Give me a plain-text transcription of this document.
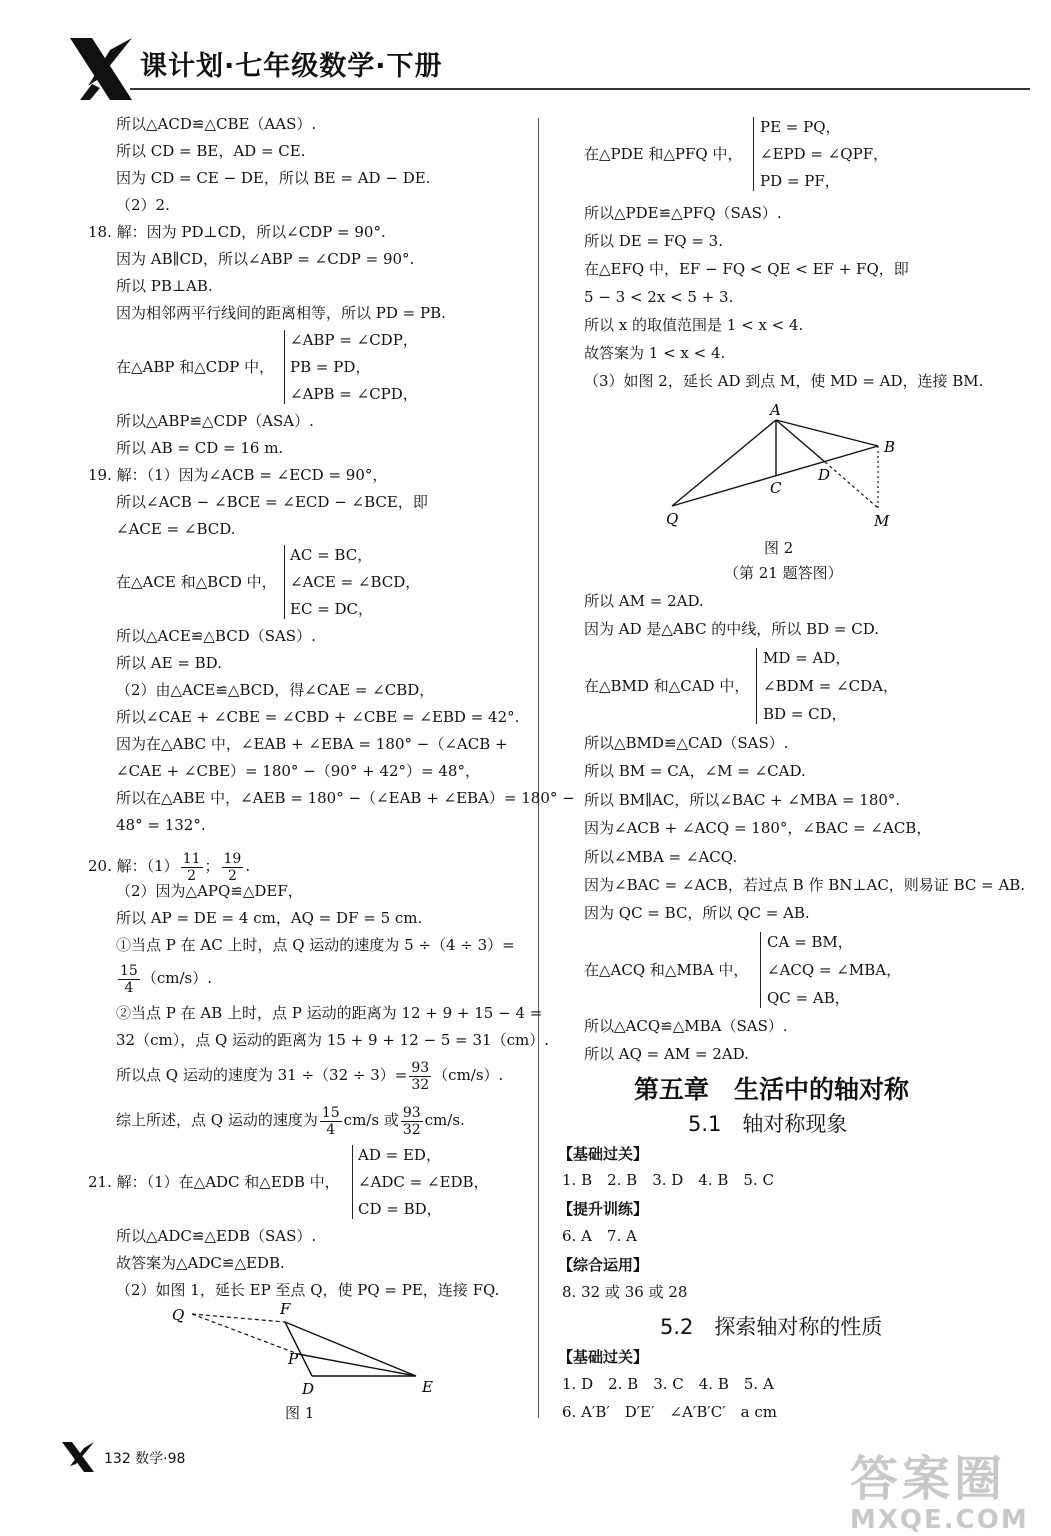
课计划·七年级数学·下册
所以△ACD≌△CBE（AAS）.
所以 CD = BE，AD = CE.
因为 CD = CE − DE，所以 BE = AD − DE.
（2）2.
18. 解：因为 PD⊥CD，所以∠CDP = 90°.
因为 AB∥CD，所以∠ABP = ∠CDP = 90°.
所以 PB⊥AB.
因为相邻两平行线间的距离相等，所以 PD = PB.
在△ABP 和△CDP 中，
∠ABP = ∠CDP，
PB = PD，
∠APB = ∠CPD，
所以△ABP≌△CDP（ASA）.
所以 AB = CD = 16 m.
19. 解：（1）因为∠ACB = ∠ECD = 90°，
所以∠ACB − ∠BCE = ∠ECD − ∠BCE，即
∠ACE = ∠BCD.
在△ACE 和△BCD 中，
AC = BC，
∠ACE = ∠BCD，
EC = DC，
所以△ACE≌△BCD（SAS）.
所以 AE = BD.
（2）由△ACE≌△BCD，得∠CAE = ∠CBD，
所以∠CAE + ∠CBE = ∠CBD + ∠CBE = ∠EBD = 42°.
因为在△ABC 中，∠EAB + ∠EBA = 180° −（∠ACB +
∠CAE + ∠CBE）= 180° −（90° + 42°）= 48°，
所以在△ABE 中，∠AEB = 180° −（∠EAB + ∠EBA）= 180° −
48° = 132°.
20. 解：$(1) \frac{11}{2}$ ； $\frac{19}{2}$ .
（2）因为△APQ≌△DEF，
所以 AP = DE = 4 cm，AQ = DF = 5 cm.
①当点 P 在 AC 上时，点 Q 运动的速度为 5 ÷（4 ÷ 3）=
$\frac{15}{4} (cm/s)$.
②当点 P 在 AB 上时，点 P 运动的距离为 12 + 9 + 15 − 4 =
32（cm），点 Q 运动的距离为 15 + 9 + 12 − 5 = 31（cm）.
所以点 Q 运动的速度为 $31 \div(32 \div 3)= \frac{93}{32} (cm/s)$.
综上所述，点 Q 运动的速度为 $\frac{15}{4} cm/s$ 或 $\frac{93}{32} cm/s$.
21. 解：（1）在△ADC 和△EDB 中，
AD = ED，
∠ADC = ∠EDB，
CD = BD，
所以△ADC≌△EDB（SAS）.
故答案为△ADC≌△EDB.
（2）如图 1，延长 EP 至点 Q，使 PQ = PE，连接 FQ.
Q	F
P
D	E
图 1
在△PDE 和△PFQ 中，
PE = PQ，
∠EPD = ∠QPF，
PD = PF，
所以△PDE≌△PFQ（SAS）.
所以 DE = FQ = 3.
在△EFQ 中，EF − FQ < QE < EF + FQ，即
5 − 3 < 2x < 5 + 3.
所以 x 的取值范围是 1 < x < 4.
故答案为 1 < x < 4.
（3）如图 2，延长 AD 到点 M，使 MD = AD，连接 BM.
A
B
C
D
Q	M
图 2
（第 21 题答图）
所以 AM = 2AD.
因为 AD 是△ABC 的中线，所以 BD = CD.
在△BMD 和△CAD 中，
MD = AD，
∠BDM = ∠CDA，
BD = CD，
所以△BMD≌△CAD（SAS）.
所以 BM = CA，∠M = ∠CAD.
所以 BM∥AC，所以∠BAC + ∠MBA = 180°.
因为∠ACB + ∠ACQ = 180°，∠BAC = ∠ACB，
所以∠MBA = ∠ACQ.
因为∠BAC = ∠ACB，若过点 B 作 BN⊥AC，则易证 BC = AB.
因为 QC = BC，所以 QC = AB.
在△ACQ 和△MBA 中，
CA = BM，
∠ACQ = ∠MBA，
QC = AB，
所以△ACQ≌△MBA（SAS）.
所以 AQ = AM = 2AD.
第五章　生活中的轴对称
5.1　轴对称现象
【基础过关】
1. B　2. B　3. D　4. B　5. C
【提升训练】
6. A　7. A
【综合运用】
8. 32 或 36 或 28
5.2　探索轴对称的性质
【基础过关】
1. D　2. B　3. C　4. B　5. A
6. A′B′　D′E′　∠A′B′C′　a cm
132 数学·98	答案圈
MXQE.COM
